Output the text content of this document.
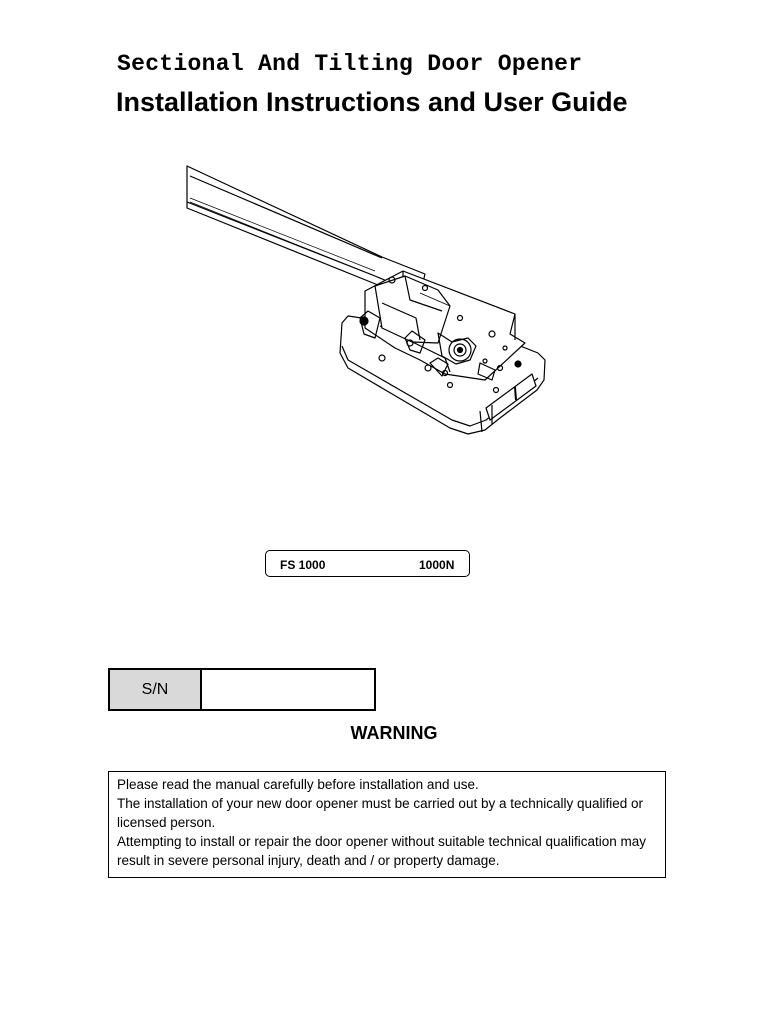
Sectional And Tilting Door Opener
Installation Instructions and User Guide
FS 1000	1000N
S/N
WARNING

Please read the manual carefully before installation and use.

The installation of your new door opener must be carried out by a technically qualified or licensed person.

Attempting to install or repair the door opener without suitable technical qualification may result in severe personal injury, death and / or property damage.
